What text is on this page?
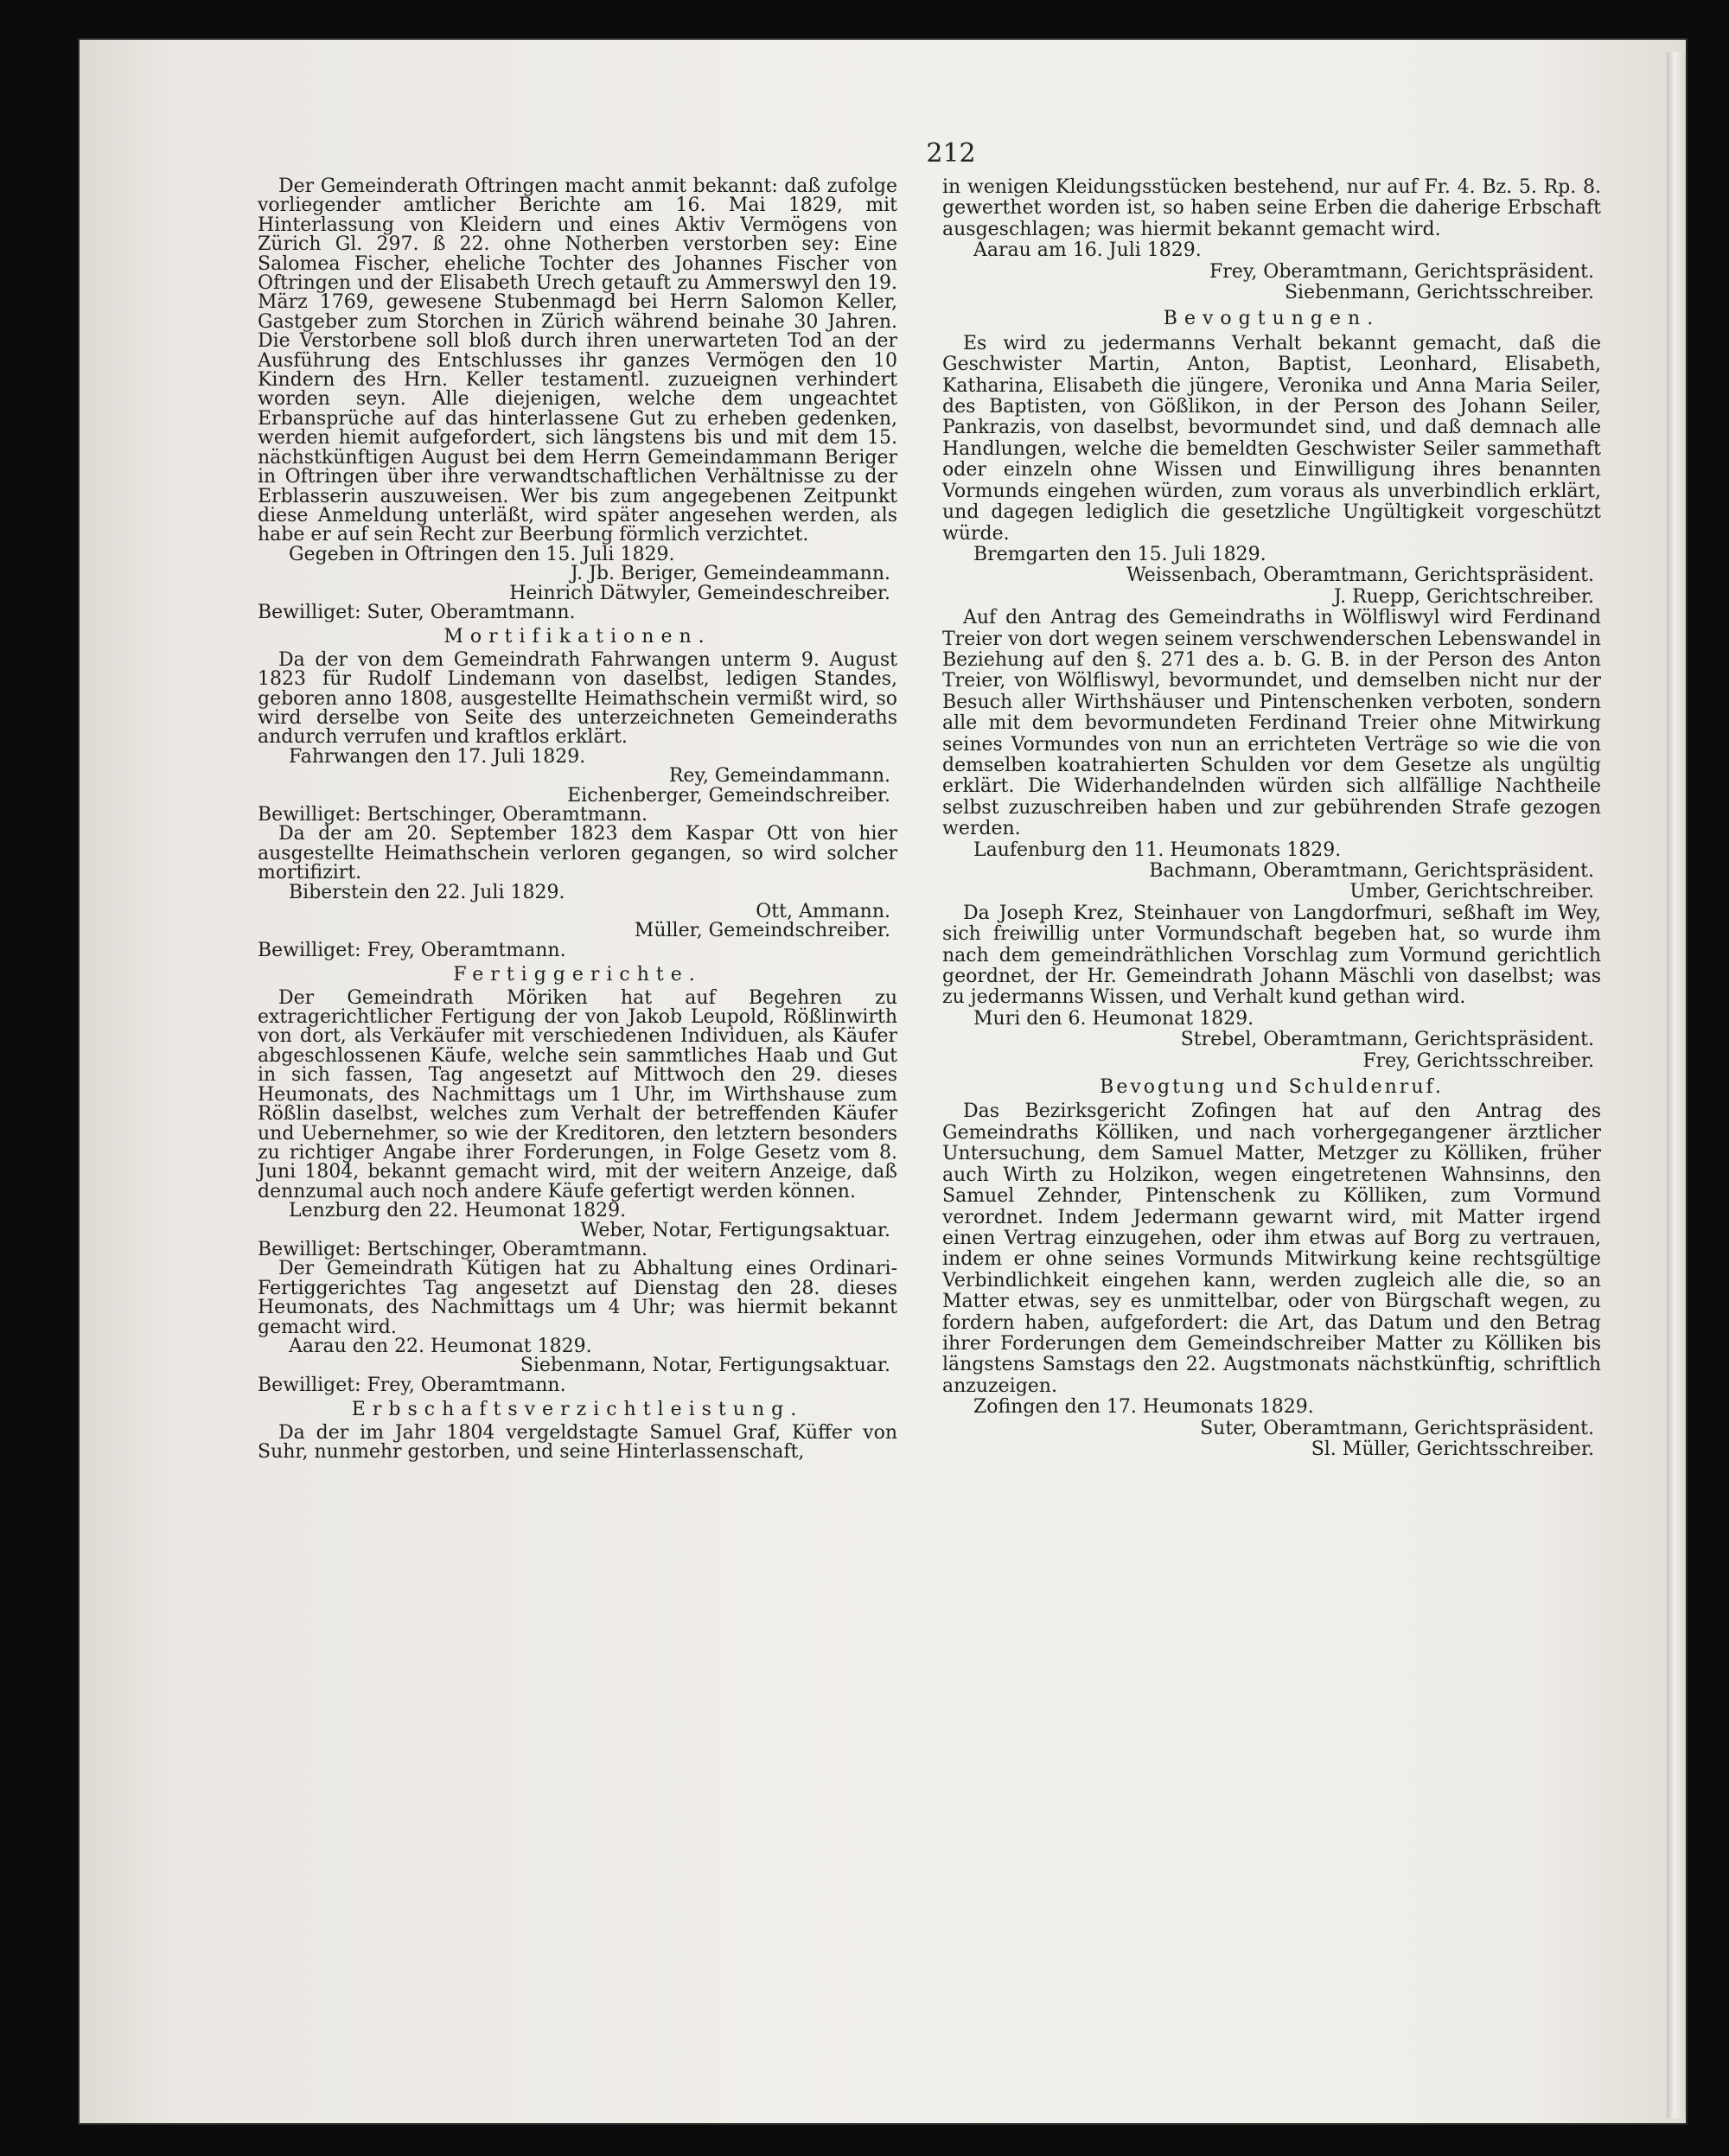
212

Der Gemeinderath Oftringen macht anmit bekannt: daß zufolge vorliegender amtlicher Berichte am 16. Mai 1829, mit Hinterlassung von Kleidern und eines Aktiv Vermögens von Zürich Gl. 297. ß 22. ohne Notherben verstorben sey: Eine Salomea Fischer, eheliche Tochter des Johannes Fischer von Oftringen und der Elisabeth Urech getauft zu Ammerswyl den 19. März 1769, gewesene Stubenmagd bei Herrn Salomon Keller, Gastgeber zum Storchen in Zürich während beinahe 30 Jahren. Die Verstorbene soll bloß durch ihren unerwarteten Tod an der Ausführung des Entschlusses ihr ganzes Vermögen den 10 Kindern des Hrn. Keller testamentl. zuzueignen verhindert worden seyn. Alle diejenigen, welche dem ungeachtet Erbansprüche auf das hinterlassene Gut zu erheben gedenken, werden hiemit aufgefordert, sich längstens bis und mit dem 15. nächstkünftigen August bei dem Herrn Gemeindammann Beriger in Oftringen über ihre verwandtschaftlichen Verhältnisse zu der Erblasserin auszuweisen. Wer bis zum angegebenen Zeitpunkt diese Anmeldung unterläßt, wird später angesehen werden, als habe er auf sein Recht zur Beerbung förmlich verzichtet.

Gegeben in Oftringen den 15. Juli 1829.

J. Jb. Beriger, Gemeindeammann.

Heinrich Dätwyler, Gemeindeschreiber.

Bewilliget: Suter, Oberamtmann.

Mortifikationen.

Da der von dem Gemeindrath Fahrwangen unterm 9. August 1823 für Rudolf Lindemann von daselbst, ledigen Standes, geboren anno 1808, ausgestellte Heimathschein vermißt wird, so wird derselbe von Seite des unterzeichneten Gemeinderaths andurch verrufen und kraftlos erklärt.

Fahrwangen den 17. Juli 1829.

Rey, Gemeindammann.

Eichenberger, Gemeindschreiber.

Bewilliget: Bertschinger, Oberamtmann.

Da der am 20. September 1823 dem Kaspar Ott von hier ausgestellte Heimathschein verloren gegangen, so wird solcher mortifizirt.

Biberstein den 22. Juli 1829.

Ott, Ammann.

Müller, Gemeindschreiber.

Bewilliget: Frey, Oberamtmann.

Fertiggerichte.

Der Gemeindrath Möriken hat auf Begehren zu extragerichtlicher Fertigung der von Jakob Leupold, Rößlinwirth von dort, als Verkäufer mit verschiedenen Individuen, als Käufer abgeschlossenen Käufe, welche sein sammtliches Haab und Gut in sich fassen, Tag angesetzt auf Mittwoch den 29. dieses Heumonats, des Nachmittags um 1 Uhr, im Wirthshause zum Rößlin daselbst, welches zum Verhalt der betreffenden Käufer und Uebernehmer, so wie der Kreditoren, den letztern besonders zu richtiger Angabe ihrer Forderungen, in Folge Gesetz vom 8. Juni 1804, bekannt gemacht wird, mit der weitern Anzeige, daß dennzumal auch noch andere Käufe gefertigt werden können.

Lenzburg den 22. Heumonat 1829.

Weber, Notar, Fertigungsaktuar.

Bewilliget: Bertschinger, Oberamtmann.

Der Gemeindrath Kütigen hat zu Abhaltung eines Ordinari-Fertiggerichtes Tag angesetzt auf Dienstag den 28. dieses Heumonats, des Nachmittags um 4 Uhr; was hiermit bekannt gemacht wird.

Aarau den 22. Heumonat 1829.

Siebenmann, Notar, Fertigungsaktuar.

Bewilliget: Frey, Oberamtmann.

Erbschaftsverzichtleistung.

Da der im Jahr 1804 vergeldstagte Samuel Graf, Küffer von Suhr, nunmehr gestorben, und seine Hinterlassenschaft,

in wenigen Kleidungsstücken bestehend, nur auf Fr. 4. Bz. 5. Rp. 8. gewerthet worden ist, so haben seine Erben die daherige Erbschaft ausgeschlagen; was hiermit bekannt gemacht wird.

Aarau am 16. Juli 1829.

Frey, Oberamtmann, Gerichtspräsident.

Siebenmann, Gerichtsschreiber.

Bevogtungen.

Es wird zu jedermanns Verhalt bekannt gemacht, daß die Geschwister Martin, Anton, Baptist, Leonhard, Elisabeth, Katharina, Elisabeth die jüngere, Veronika und Anna Maria Seiler, des Baptisten, von Gößlikon, in der Person des Johann Seiler, Pankrazis, von daselbst, bevormundet sind, und daß demnach alle Handlungen, welche die bemeldten Geschwister Seiler sammethaft oder einzeln ohne Wissen und Einwilligung ihres benannten Vormunds eingehen würden, zum voraus als unverbindlich erklärt, und dagegen lediglich die gesetzliche Ungültigkeit vorgeschützt würde.

Bremgarten den 15. Juli 1829.

Weissenbach, Oberamtmann, Gerichtspräsident.

J. Ruepp, Gerichtschreiber.

Auf den Antrag des Gemeindraths in Wölfliswyl wird Ferdinand Treier von dort wegen seinem verschwenderschen Lebenswandel in Beziehung auf den §. 271 des a. b. G. B. in der Person des Anton Treier, von Wölfliswyl, bevormundet, und demselben nicht nur der Besuch aller Wirthshäuser und Pintenschenken verboten, sondern alle mit dem bevormundeten Ferdinand Treier ohne Mitwirkung seines Vormundes von nun an errichteten Verträge so wie die von demselben koatrahierten Schulden vor dem Gesetze als ungültig erklärt. Die Widerhandelnden würden sich allfällige Nachtheile selbst zuzuschreiben haben und zur gebührenden Strafe gezogen werden.

Laufenburg den 11. Heumonats 1829.

Bachmann, Oberamtmann, Gerichtspräsident.

Umber, Gerichtschreiber.

Da Joseph Krez, Steinhauer von Langdorfmuri, seßhaft im Wey, sich freiwillig unter Vormundschaft begeben hat, so wurde ihm nach dem gemeindräthlichen Vorschlag zum Vormund gerichtlich geordnet, der Hr. Gemeindrath Johann Mäschli von daselbst; was zu jedermanns Wissen, und Verhalt kund gethan wird.

Muri den 6. Heumonat 1829.

Strebel, Oberamtmann, Gerichtspräsident.

Frey, Gerichtsschreiber.

Bevogtung und Schuldenruf.

Das Bezirksgericht Zofingen hat auf den Antrag des Gemeindraths Kölliken, und nach vorhergegangener ärztlicher Untersuchung, dem Samuel Matter, Metzger zu Kölliken, früher auch Wirth zu Holzikon, wegen eingetretenen Wahnsinns, den Samuel Zehnder, Pintenschenk zu Kölliken, zum Vormund verordnet. Indem Jedermann gewarnt wird, mit Matter irgend einen Vertrag einzugehen, oder ihm etwas auf Borg zu vertrauen, indem er ohne seines Vormunds Mitwirkung keine rechtsgültige Verbindlichkeit eingehen kann, werden zugleich alle die, so an Matter etwas, sey es unmittelbar, oder von Bürgschaft wegen, zu fordern haben, aufgefordert: die Art, das Datum und den Betrag ihrer Forderungen dem Gemeindschreiber Matter zu Kölliken bis längstens Samstags den 22. Augstmonats nächstkünftig, schriftlich anzuzeigen.

Zofingen den 17. Heumonats 1829.

Suter, Oberamtmann, Gerichtspräsident.

Sl. Müller, Gerichtsschreiber.
